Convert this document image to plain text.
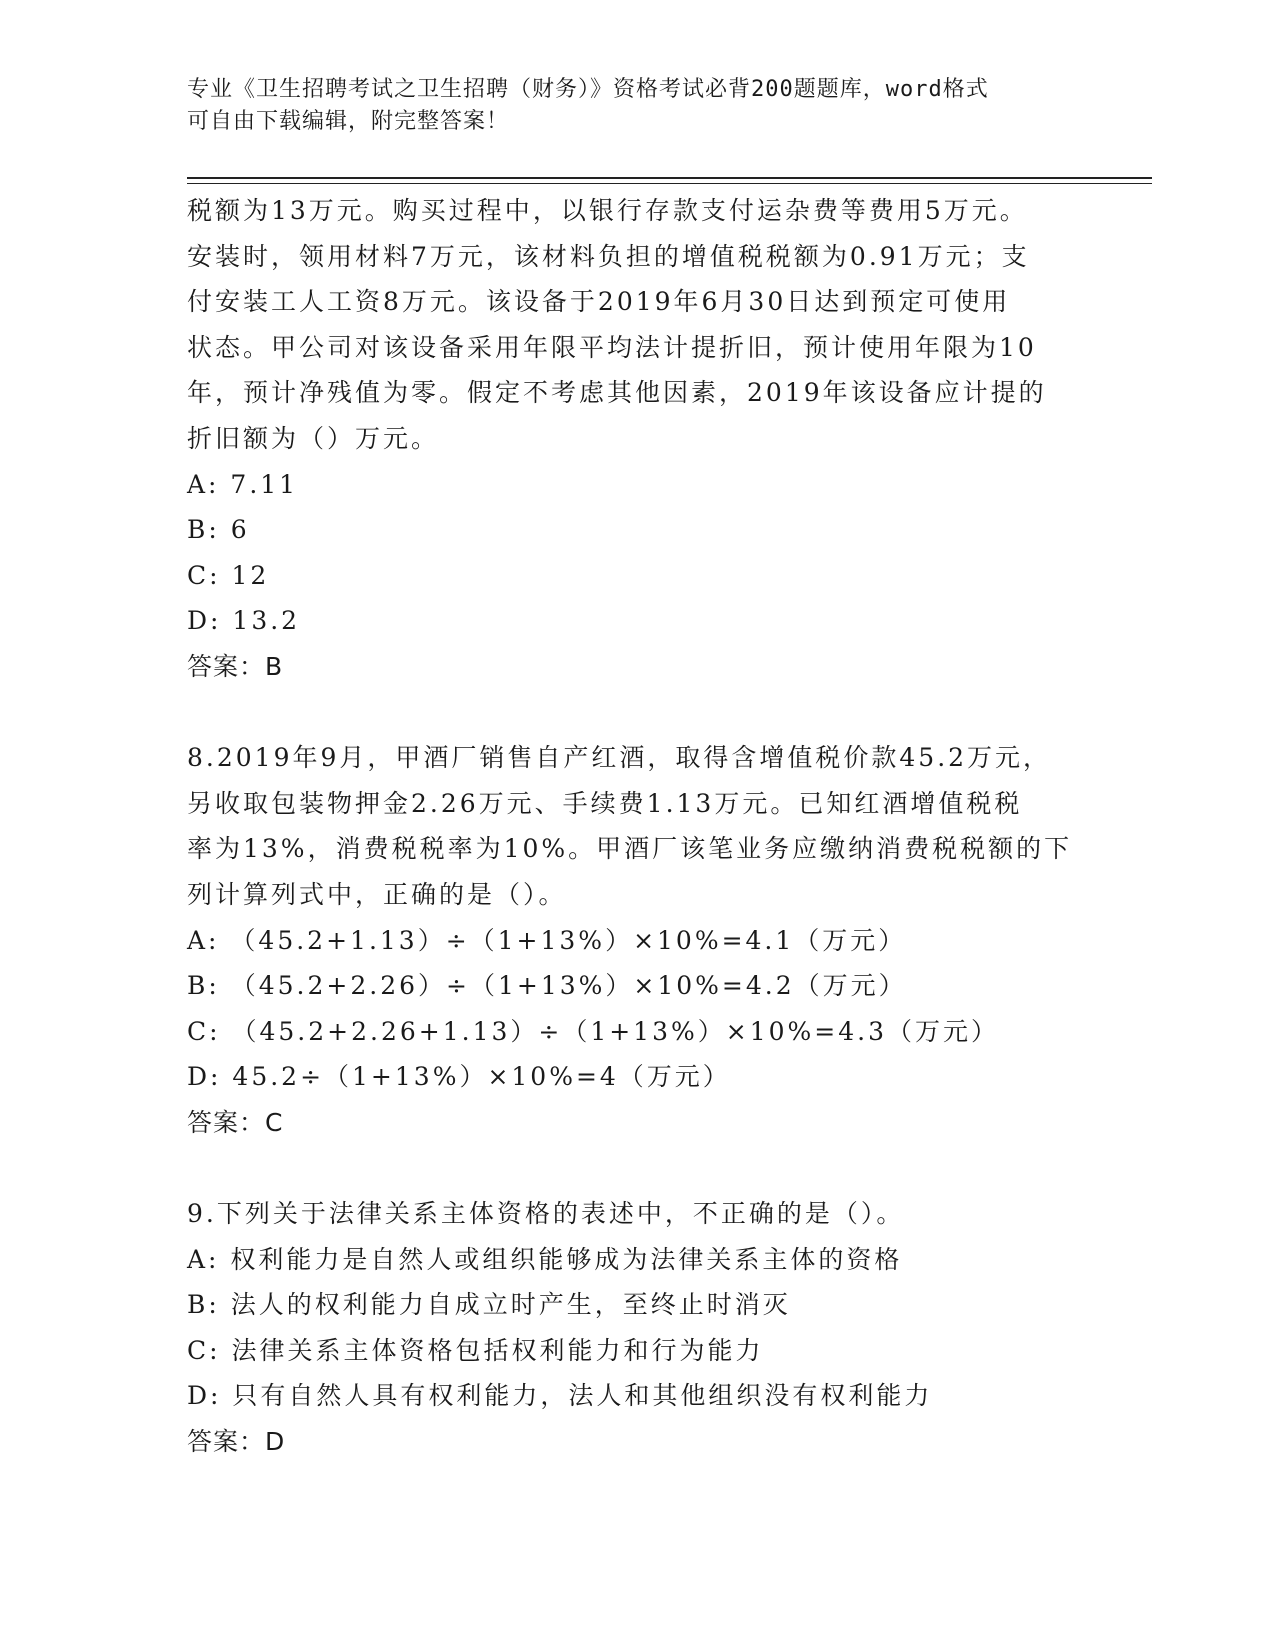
专业《卫生招聘考试之卫生招聘（财务）》资格考试必背200题题库，word格式
可自由下载编辑，附完整答案！

税额为13万元。购买过程中，以银行存款支付运杂费等费用5万元。

安装时，领用材料7万元，该材料负担的增值税税额为0.91万元；支

付安装工人工资8万元。该设备于2019年6月30日达到预定可使用

状态。甲公司对该设备采用年限平均法计提折旧，预计使用年限为10

年，预计净残值为零。假定不考虑其他因素，2019年该设备应计提的

折旧额为（）万元。

A: 7.11

B: 6

C: 12

D: 13.2

答案：B

8.2019年9月，甲酒厂销售自产红酒，取得含增值税价款45.2万元，

另收取包装物押金2.26万元、手续费1.13万元。已知红酒增值税税

率为13%，消费税税率为10%。甲酒厂该笔业务应缴纳消费税税额的下

列计算列式中，正确的是（）。

A: （45.2+1.13）÷（1+13%）×10%=4.1（万元）

B: （45.2+2.26）÷（1+13%）×10%=4.2（万元）

C: （45.2+2.26+1.13）÷（1+13%）×10%=4.3（万元）

D: 45.2÷（1+13%）×10%=4（万元）

答案：C

9.下列关于法律关系主体资格的表述中，不正确的是（）。

A: 权利能力是自然人或组织能够成为法律关系主体的资格

B: 法人的权利能力自成立时产生，至终止时消灭

C: 法律关系主体资格包括权利能力和行为能力

D: 只有自然人具有权利能力，法人和其他组织没有权利能力

答案：D
